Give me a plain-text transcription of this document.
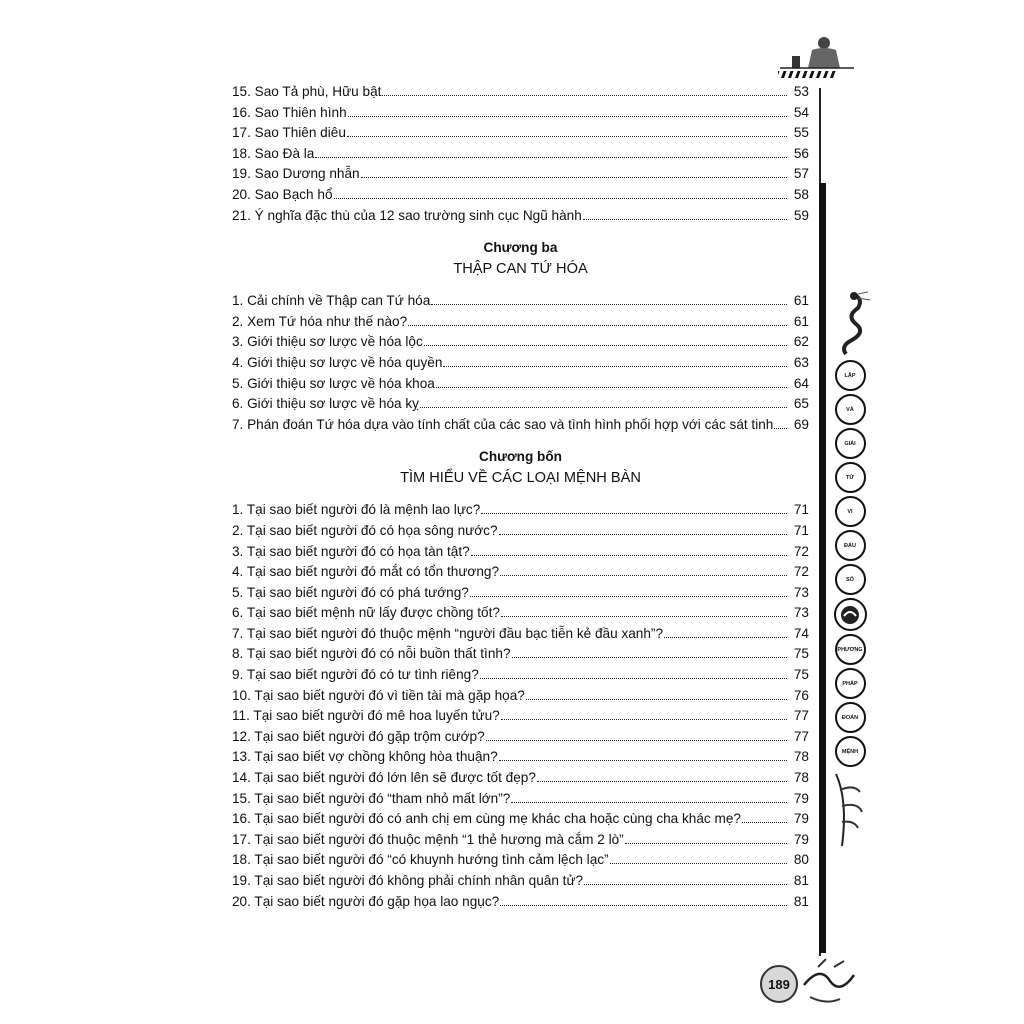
15. Sao Tả phù, Hữu bật	53
16. Sao Thiên hình	54
17. Sao Thiên diêu	55
18. Sao Đà la	56
19. Sao Dương nhẫn	57
20. Sao Bạch hổ	58
21. Ý nghĩa đặc thù của 12 sao trường sinh cục Ngũ hành	59
Chương ba
THẬP CAN TỨ HÓA
1. Cải chính về Thập can Tứ hóa	61
2. Xem Tứ hóa như thế nào?	61
3. Giới thiệu sơ lược về hóa lộc	62
4. Giới thiệu sơ lược về hóa quyền	63
5. Giới thiệu sơ lược về hóa khoa	64
6. Giới thiệu sơ lược về hóa kỵ	65
7. Phán đoán Tứ hóa dựa vào tính chất của các sao và tình hình phối hợp với các sát tinh	69
Chương bốn
TÌM HIỂU VỀ CÁC LOẠI MỆNH BÀN
1. Tại sao biết người đó là mệnh lao lực?	71
2. Tại sao biết người đó có họa sông nước?	71
3. Tại sao biết người đó có họa tàn tật?	72
4. Tại sao biết người đó mắt có tổn thương?	72
5. Tại sao biết người đó có phá tướng?	73
6. Tại sao biết mệnh nữ lấy được chồng tốt?	73
7. Tại sao biết người đó thuộc mệnh “người đầu bạc tiễn kẻ đầu xanh”?	74
8. Tại sao biết người đó có nỗi buồn thất tình?	75
9. Tại sao biết người đó có tư tình riêng?	75
10. Tại sao biết người đó vì tiền tài mà gặp họa?	76
11. Tại sao biết người đó mê hoa luyến tửu?	77
12. Tại sao biết người đó gặp trộm cướp?	77
13. Tại sao biết vợ chồng không hòa thuận?	78
14. Tại sao biết người đó lớn lên sẽ được tốt đẹp?	78
15. Tại sao biết người đó “tham nhỏ mất lớn”?	79
16. Tại sao biết người đó có anh chị em cùng mẹ khác cha hoặc cùng cha khác mẹ?	79
17. Tại sao biết người đó thuộc mệnh “1 thẻ hương mà cắm 2 lò”	79
18. Tại sao biết người đó “có khuynh hướng tình cảm lệch lạc”	80
19. Tại sao biết người đó không phải chính nhân quân tử?	81
20. Tại sao biết người đó gặp họa lao ngục?	81
LẬP
VÀ
GIẢI
TỬ
VI
ĐẨU
SỐ
PHƯƠNG
PHÁP
ĐOÁN
MỆNH
189
